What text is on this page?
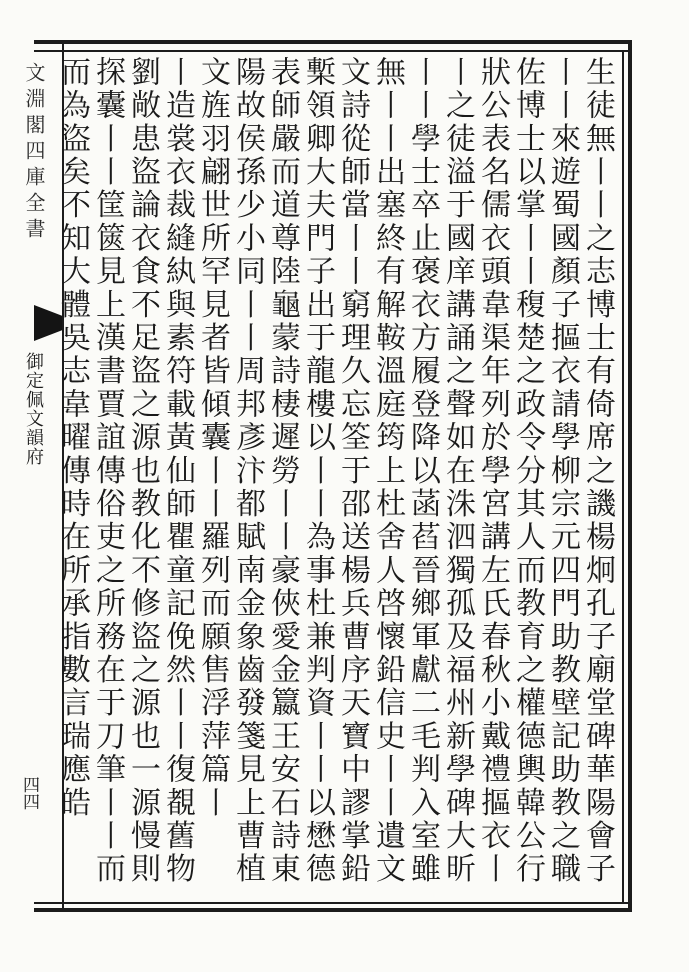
文淵閣四庫全書
御定佩文韻府
四四	生徒無丨丨之志博士有倚席之譏楊炯孔子廟堂碑華陽會子
丨丨來遊蜀國顏子摳衣請學柳宗元四門助教壁記助教之職
佐博士以掌丨丨稪楚之政令分其人而教育之權德輿韓公行
狀公表名儒衣頭韋渠年列於學宮講左氏春秋小戴禮摳衣丨
丨之徒溢于國庠講誦之聲如在洙泗獨孤及福州新學碑大昕
丨丨學士卒止褒衣方履登降以菡萏晉鄉軍獻二毛判入室雖
無丨丨出塞終有解鞍溫庭筠上杜舍人啓懷鉛信史丨丨遺文
文詩從師當丨丨窮理久忘筌于邵送楊兵曹序天寶中謬掌鉛
槧領卿大夫門子出于龍樓以丨丨為事杜兼判資丨丨以懋德
表師嚴而道尊陸龜蒙詩棲遲勞丨丨豪俠愛金籝王安石詩東
陽故侯孫少小同丨丨周邦彥汴都賦南金象齒發箋見上曹植
文旌羽翩世所罕見者皆傾囊丨丨羅列而願售浮萍篇丨
丨造裳衣裁縫紈與素符載黃仙師瞿童記俛然丨丨復覩舊物
劉敞患盜論衣食不足盜之源也教化不修盜之源也一源慢則
探囊丨丨筐篋見上漢書賈誼傳俗吏之所務在于刀筆丨丨而
而為盜矣不知大體吳志韋曜傳時在所承指數言瑞應皓
